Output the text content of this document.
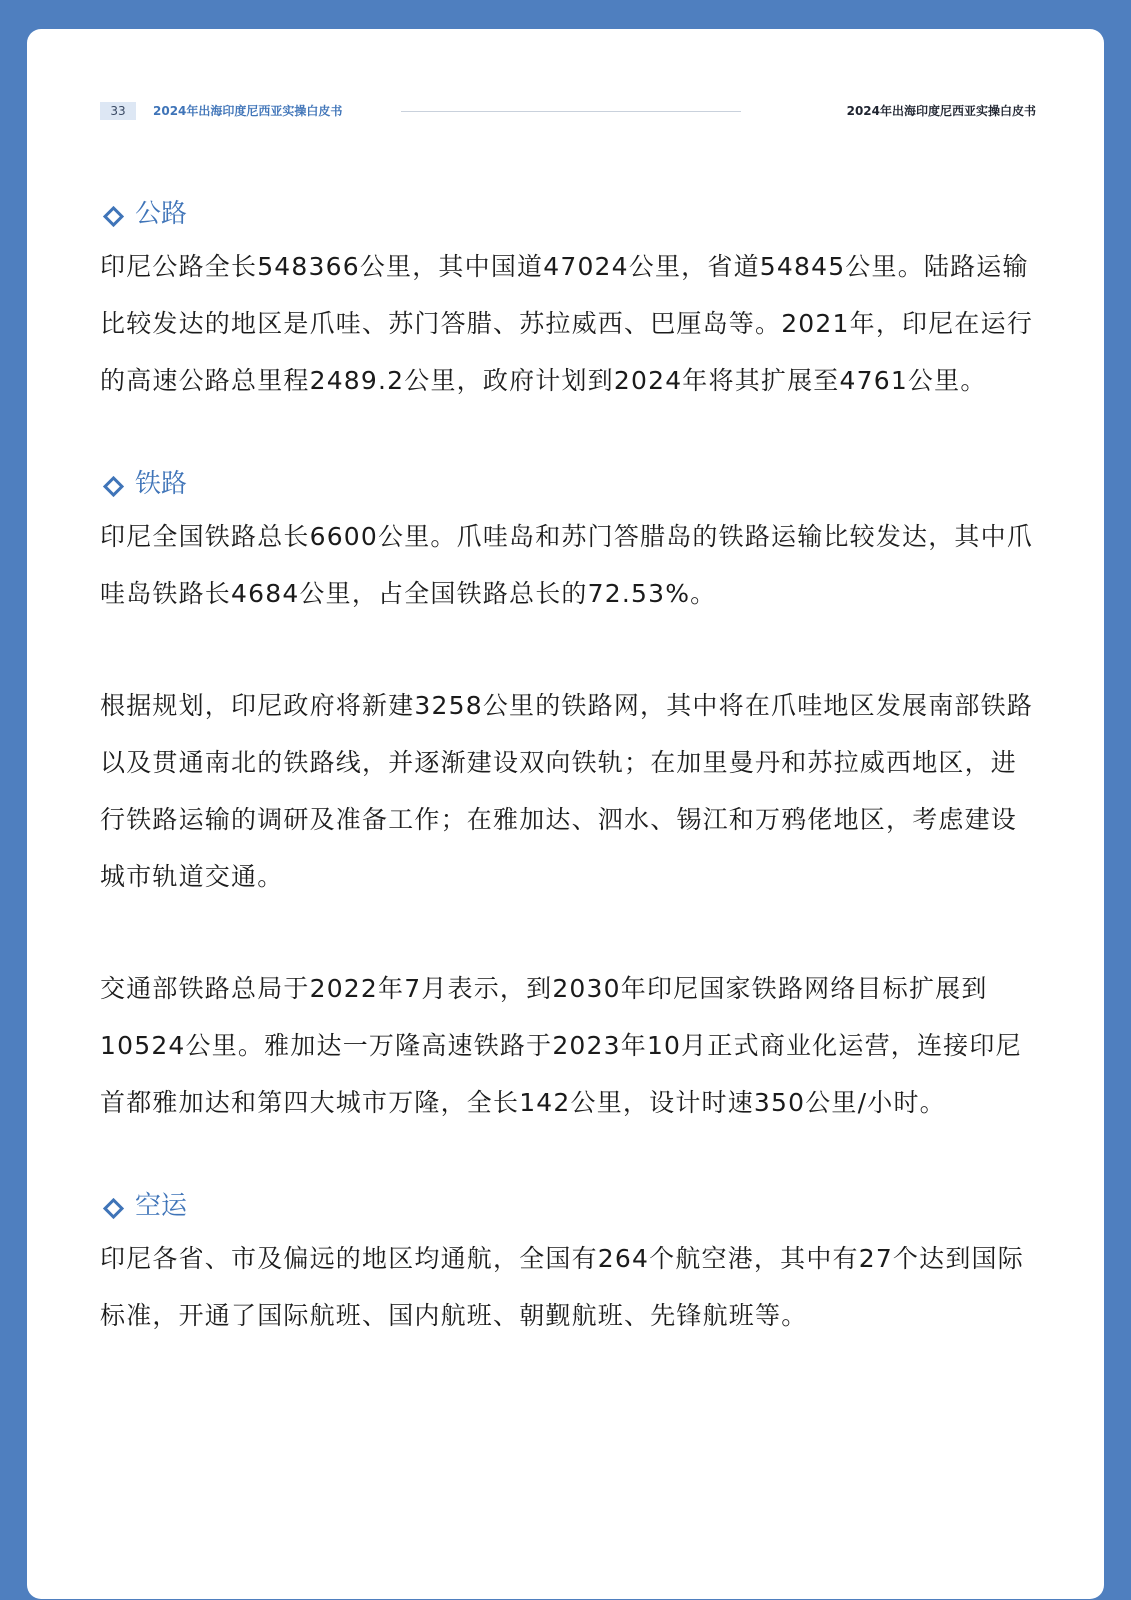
33	2024年出海印度尼西亚实操白皮书	2024年出海印度尼西亚实操白皮书
公路

印尼公路全长548366公里，其中国道47024公里，省道54845公里。陆路运输比较发达的地区是爪哇、苏门答腊、苏拉威西、巴厘岛等。2021年，印尼在运行的高速公路总里程2489.2公里，政府计划到2024年将其扩展至4761公里。

铁路

印尼全国铁路总长6600公里。爪哇岛和苏门答腊岛的铁路运输比较发达，其中爪哇岛铁路长4684公里，占全国铁路总长的72.53%。

根据规划，印尼政府将新建3258公里的铁路网，其中将在爪哇地区发展南部铁路以及贯通南北的铁路线，并逐渐建设双向铁轨；在加里曼丹和苏拉威西地区，进行铁路运输的调研及准备工作；在雅加达、泗水、锡江和万鸦佬地区，考虑建设城市轨道交通。

交通部铁路总局于2022年7月表示，到2030年印尼国家铁路网络目标扩展到10524公里。雅加达一万隆高速铁路于2023年10月正式商业化运营，连接印尼首都雅加达和第四大城市万隆，全长142公里，设计时速350公里/小时。

空运

印尼各省、市及偏远的地区均通航，全国有264个航空港，其中有27个达到国际标准，开通了国际航班、国内航班、朝觐航班、先锋航班等。
